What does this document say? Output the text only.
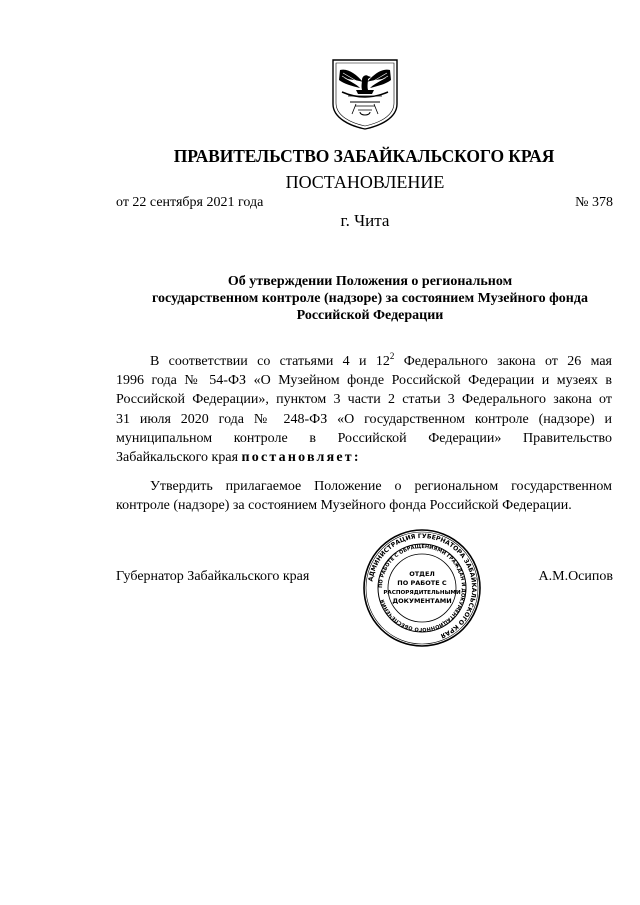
ПРАВИТЕЛЬСТВО ЗАБАЙКАЛЬСКОГО КРАЯ
ПОСТАНОВЛЕНИЕ
от 22 сентября 2021 года	№ 378
г. Чита
Об утверждении Положения о региональном
государственном контроле (надзоре) за состоянием Музейного фонда
Российской Федерации
В соответствии со статьями 4 и $12^2$ Федерального закона от 26 мая
1996 года № 54-ФЗ «О Музейном фонде Российской Федерации и музеях в
Российской Федерации», пунктом 3 части 2 статьи 3 Федерального закона от
31 июля 2020 года № 248-ФЗ «О государственном контроле (надзоре) и
муниципальном контроле в Российской Федерации» Правительство
Забайкальского края постановляет:
Утвердить прилагаемое Положение о региональном государственном
контроле (надзоре) за состоянием Музейного фонда Российской Федерации.
Губернатор Забайкальского края	А.М.Осипов
АДМИНИСТРАЦИЯ ГУБЕРНАТОРА ЗАБАЙКАЛЬСКОГО КРАЯ
ПО РАБОТЕ С ОБРАЩЕНИЯМИ ГРАЖДАН И ДОКУМЕНТАЦИОННОГО ОБЕСПЕЧЕНИЯ
ОТДЕЛ
ПО РАБОТЕ С
РАСПОРЯДИТЕЛЬНЫМИ
ДОКУМЕНТАМИ
